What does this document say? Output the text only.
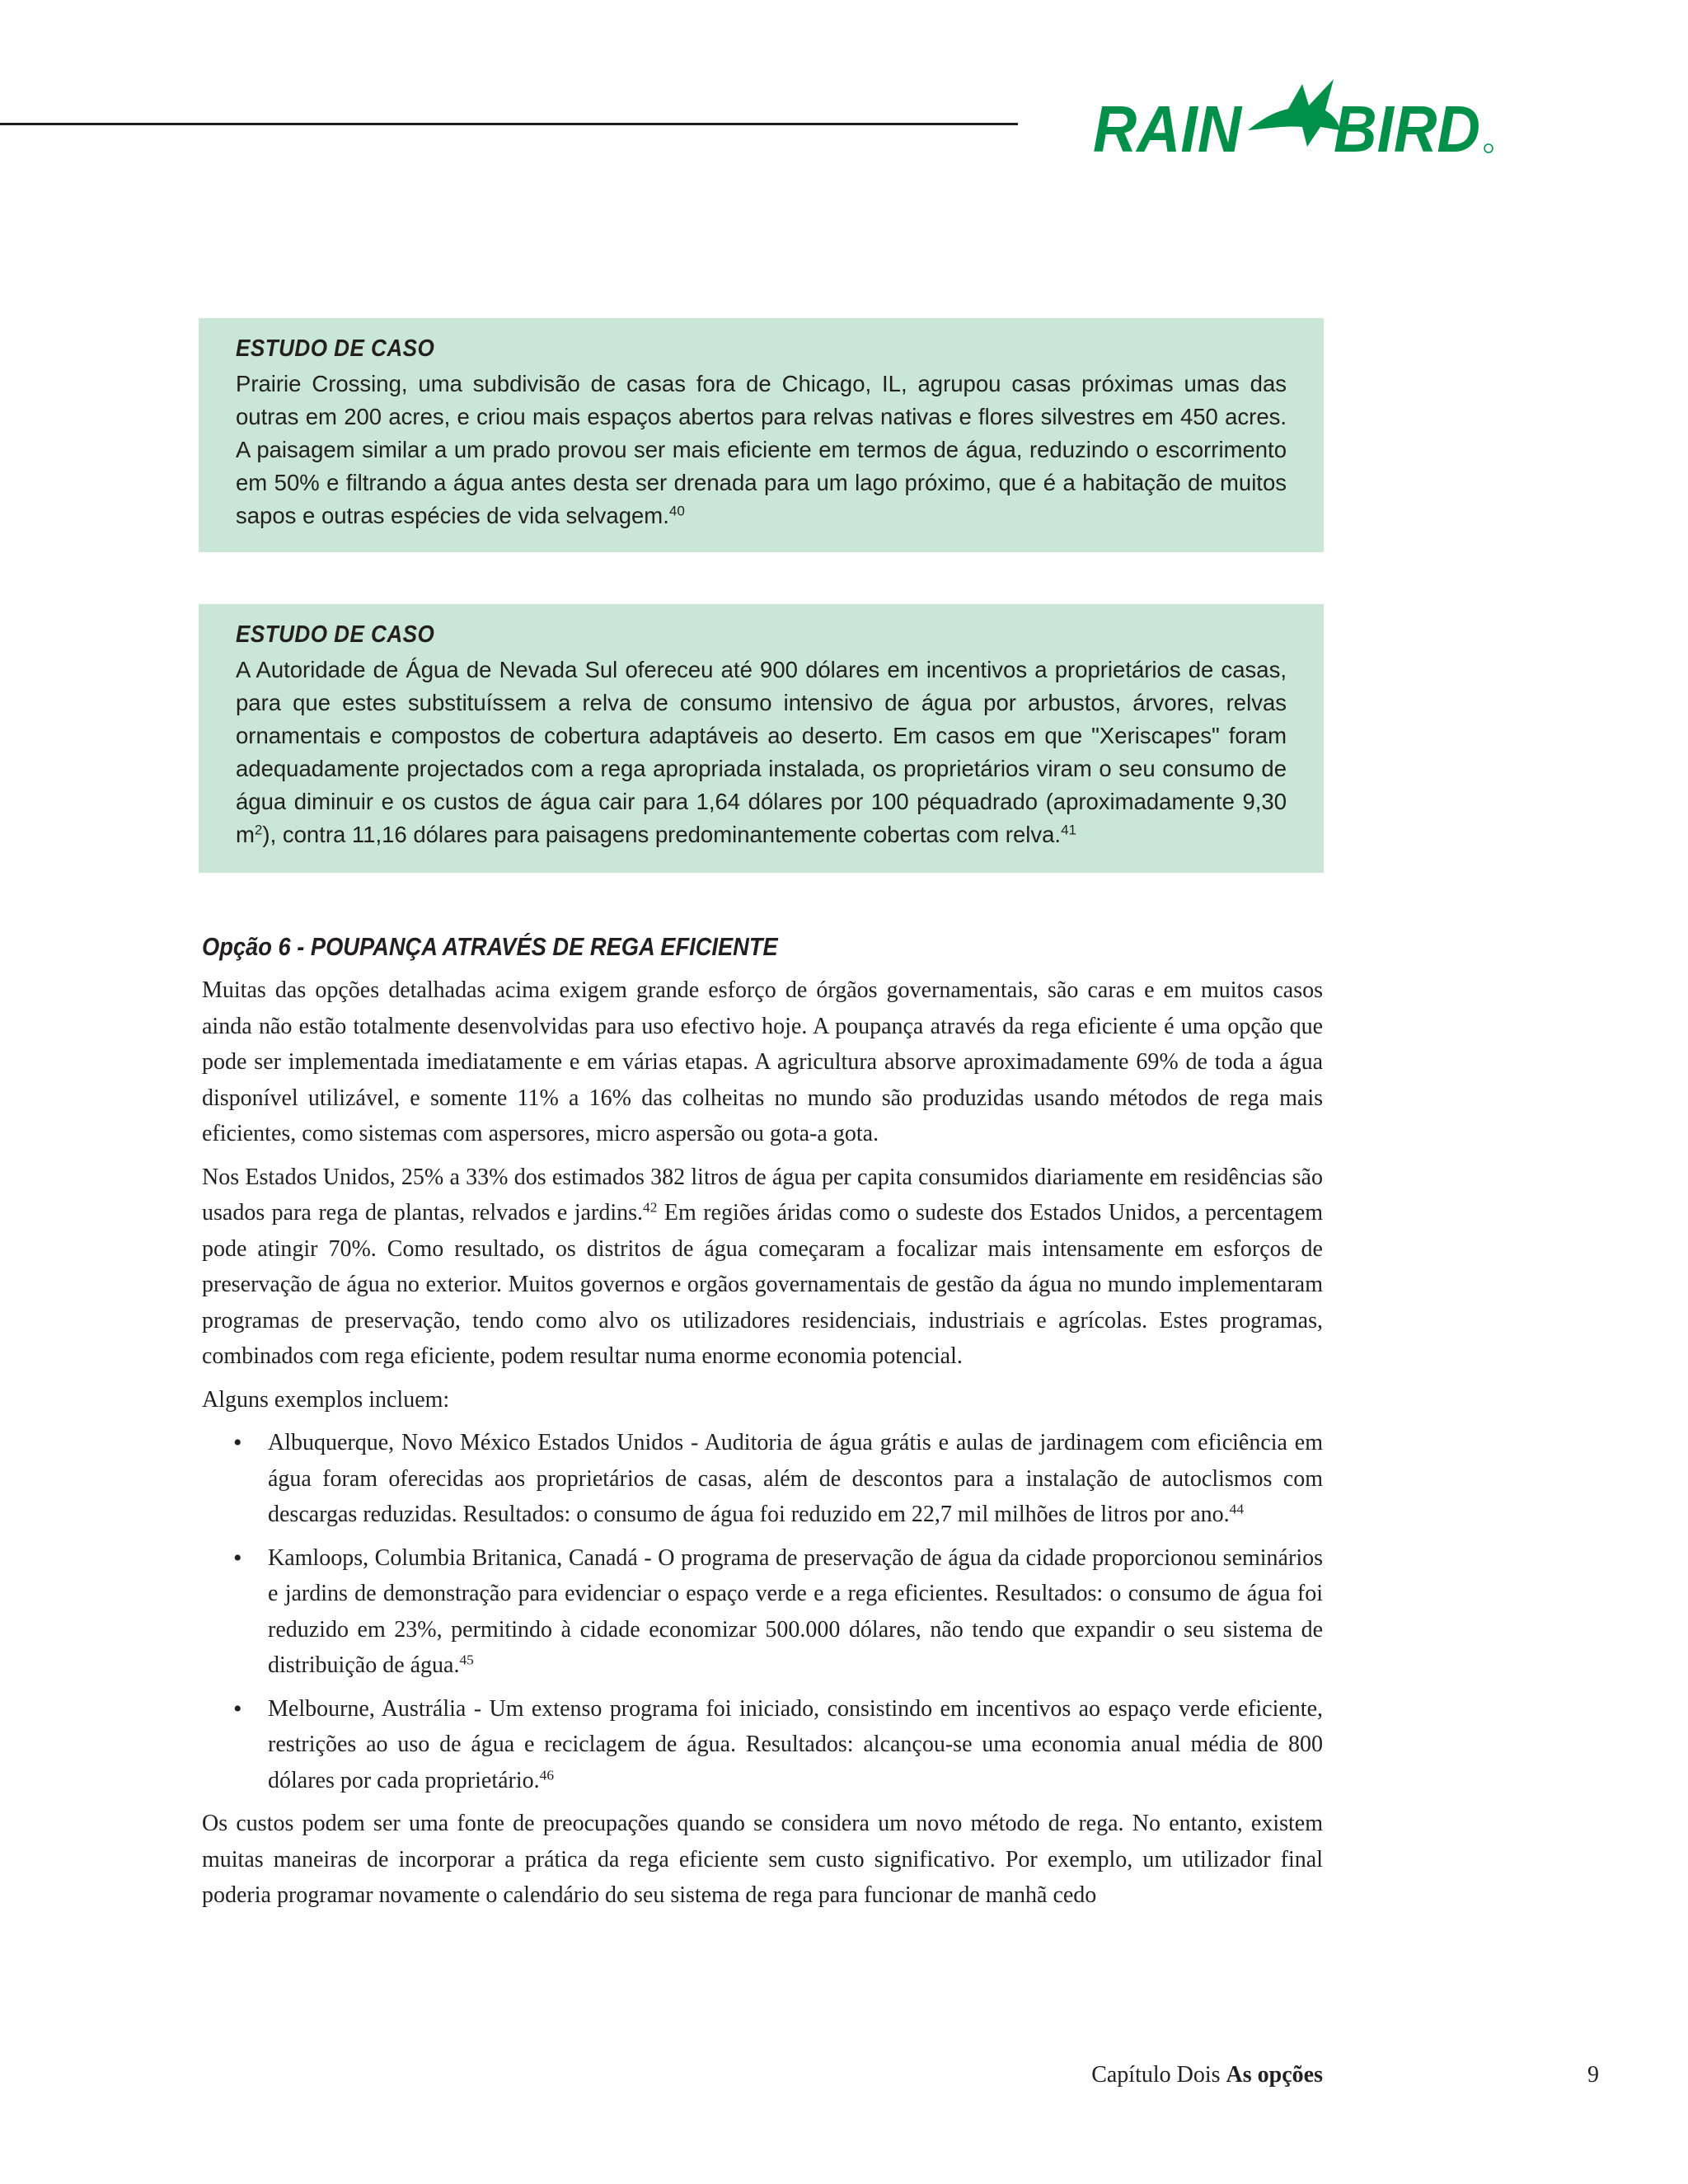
RAIN BIRD
ESTUDO DE CASO

Prairie Crossing, uma subdivisão de casas fora de Chicago, IL, agrupou casas próximas umas das outras em 200 acres, e criou mais espaços abertos para relvas nativas e flores silvestres em 450 acres. A paisagem similar a um prado provou ser mais eficiente em termos de água, reduzindo o escorrimento em 50% e filtrando a água antes desta ser drenada para um lago próximo, que é a habitação de muitos sapos e outras espécies de vida selvagem.$^{40}$

ESTUDO DE CASO

A Autoridade de Água de Nevada Sul ofereceu até 900 dólares em incentivos a proprietários de casas, para que estes substituíssem a relva de consumo intensivo de água por arbustos, árvores, relvas ornamentais e compostos de cobertura adaptáveis ao deserto. Em casos em que "Xeriscapes" foram adequadamente projectados com a rega apropriada instalada, os proprietários viram o seu consumo de água diminuir e os custos de água cair para 1,64 dólares por 100 péquadrado (aproximadamente 9,30 $m^2$), contra 11,16 dólares para paisagens predominantemente cobertas com relva.$^{41}$

Opção 6 - POUPANÇA ATRAVÉS DE REGA EFICIENTE

Muitas das opções detalhadas acima exigem grande esforço de órgãos governamentais, são caras e em muitos casos ainda não estão totalmente desenvolvidas para uso efectivo hoje. A poupança através da rega eficiente é uma opção que pode ser implementada imediatamente e em várias etapas. A agricultura absorve aproximadamente 69% de toda a água disponível utilizável, e somente 11% a 16% das colheitas no mundo são produzidas usando métodos de rega mais eficientes, como sistemas com aspersores, micro aspersão ou gota-a gota.

Nos Estados Unidos, 25% a 33% dos estimados 382 litros de água per capita consumidos diariamente em residências são usados para rega de plantas, relvados e jardins.$^{42}$ Em regiões áridas como o sudeste dos Estados Unidos, a percentagem pode atingir 70%. Como resultado, os distritos de água começaram a focalizar mais intensamente em esforços de preservação de água no exterior. Muitos governos e orgãos governamentais de gestão da água no mundo implementaram programas de preservação, tendo como alvo os utilizadores residenciais, industriais e agrícolas. Estes programas, combinados com rega eficiente, podem resultar numa enorme economia potencial.

Alguns exemplos incluem:

• Albuquerque, Novo México Estados Unidos - Auditoria de água grátis e aulas de jardinagem com eficiência em água foram oferecidas aos proprietários de casas, além de descontos para a instalação de autoclismos com descargas reduzidas. Resultados: o consumo de água foi reduzido em 22,7 mil milhões de litros por ano.$^{44}$
• Kamloops, Columbia Britanica, Canadá - O programa de preservação de água da cidade proporcionou seminários e jardins de demonstração para evidenciar o espaço verde e a rega eficientes. Resultados: o consumo de água foi reduzido em 23%, permitindo à cidade economizar 500.000 dólares, não tendo que expandir o seu sistema de distribuição de água.$^{45}$
• Melbourne, Austrália - Um extenso programa foi iniciado, consistindo em incentivos ao espaço verde eficiente, restrições ao uso de água e reciclagem de água. Resultados: alcançou-se uma economia anual média de 800 dólares por cada proprietário.$^{46}$

Os custos podem ser uma fonte de preocupações quando se considera um novo método de rega. No entanto, existem muitas maneiras de incorporar a prática da rega eficiente sem custo significativo. Por exemplo, um utilizador final poderia programar novamente o calendário do seu sistema de rega para funcionar de manhã cedo

Capítulo Dois As opções	9
